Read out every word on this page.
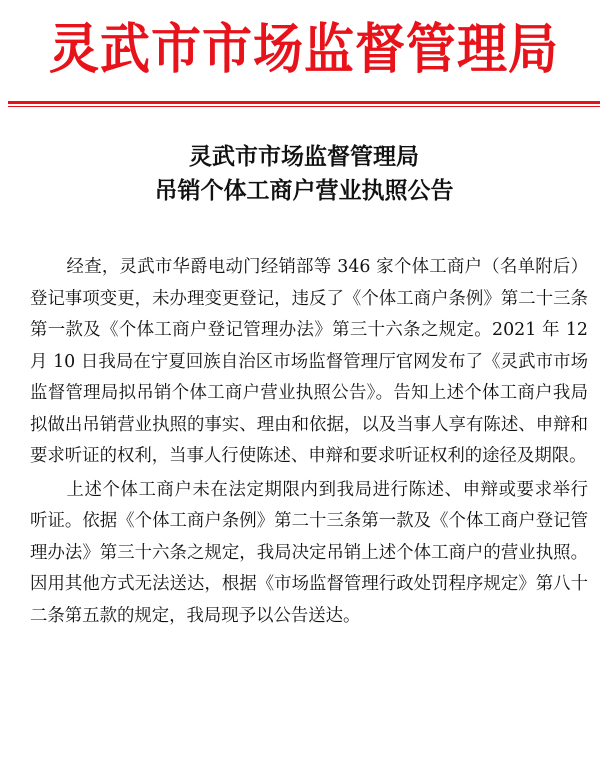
灵武市市场监督管理局
灵武市市场监督管理局
吊销个体工商户营业执照公告

经查，灵武市华爵电动门经销部等 346 家个体工商户（名单附后）登记事项变更，未办理变更登记，违反了《个体工商户条例》第二十三条第一款及《个体工商户登记管理办法》第三十六条之规定。2021 年 12 月 10 日我局在宁夏回族自治区市场监督管理厅官网发布了《灵武市市场监督管理局拟吊销个体工商户营业执照公告》。告知上述个体工商户我局拟做出吊销营业执照的事实、理由和依据，以及当事人享有陈述、申辩和要求听证的权利，当事人行使陈述、申辩和要求听证权利的途径及期限。

上述个体工商户未在法定期限内到我局进行陈述、申辩或要求举行听证。依据《个体工商户条例》第二十三条第一款及《个体工商户登记管理办法》第三十六条之规定，我局决定吊销上述个体工商户的营业执照。因用其他方式无法送达，根据《市场监督管理行政处罚程序规定》第八十二条第五款的规定，我局现予以公告送达。
